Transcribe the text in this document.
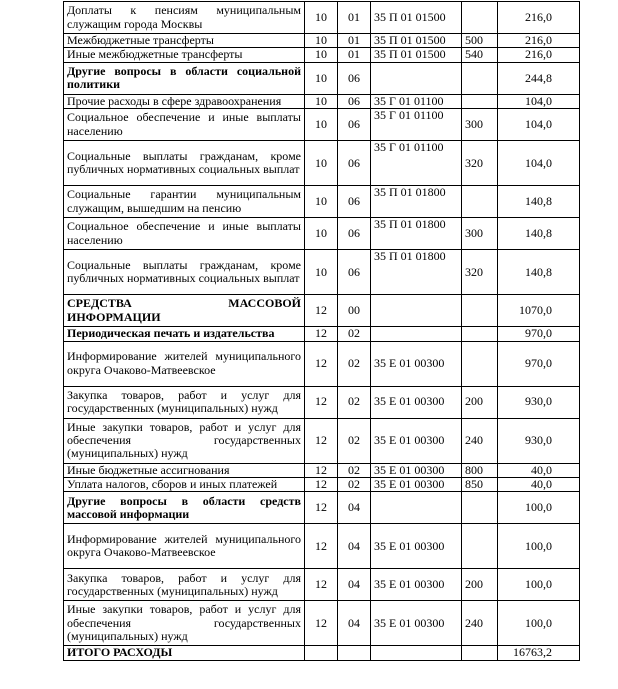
Доплаты к пенсиям муниципальным служащим города Москвы	10	01	35 П 01 01500		216,0
Межбюджетные трансферты	10	01	35 П 01 01500	500	216,0
Иные межбюджетные трансферты	10	01	35 П 01 01500	540	216,0
Другие вопросы в области социальной политики	10	06			244,8
Прочие расходы в сфере здравоохранения	10	06	35 Г 01 01100		104,0
Социальное обеспечение и иные выплаты населению	10	06	35 Г 01 01100	300	104,0
Социальные выплаты гражданам, кроме публичных нормативных социальных выплат	10	06	35 Г 01 01100	320	104,0
Социальные гарантии муниципальным служащим, вышедшим на пенсию	10	06	35 П 01 01800		140,8
Социальное обеспечение и иные выплаты населению	10	06	35 П 01 01800	300	140,8
Социальные выплаты гражданам, кроме публичных нормативных социальных выплат	10	06	35 П 01 01800	320	140,8
СРЕДСТВА МАССОВОЙ ИНФОРМАЦИИ	12	00			1070,0
Периодическая печать и издательства	12	02			970,0
Информирование жителей муниципального округа Очаково-Матвеевское	12	02	35 Е 01 00300		970,0
Закупка товаров, работ и услуг для государственных (муниципальных) нужд	12	02	35 Е 01 00300	200	930,0
Иные закупки товаров, работ и услуг для обеспечения государственных (муниципальных) нужд	12	02	35 Е 01 00300	240	930,0
Иные бюджетные ассигнования	12	02	35 Е 01 00300	800	40,0
Уплата налогов, сборов и иных платежей	12	02	35 Е 01 00300	850	40,0
Другие вопросы в области средств массовой информации	12	04			100,0
Информирование жителей муниципального округа Очаково-Матвеевское	12	04	35 Е 01 00300		100,0
Закупка товаров, работ и услуг для государственных (муниципальных) нужд	12	04	35 Е 01 00300	200	100,0
Иные закупки товаров, работ и услуг для обеспечения государственных (муниципальных) нужд	12	04	35 Е 01 00300	240	100,0
ИТОГО РАСХОДЫ					16763,2
